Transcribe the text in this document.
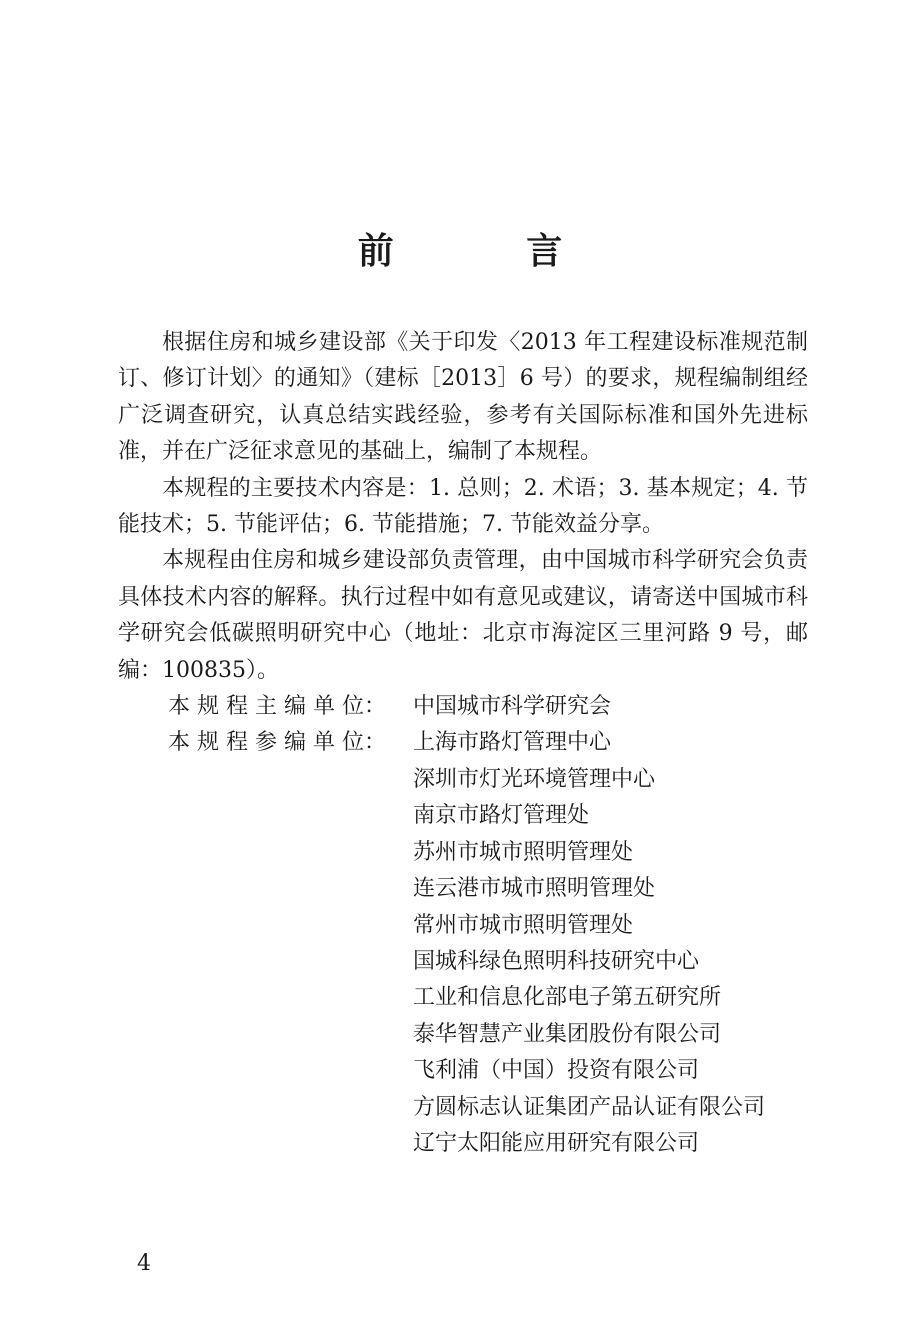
前 言

根据住房和城乡建设部《关于印发〈2013 年工程建设标准规范制订、修订计划〉的通知》（建标［2013］6 号）的要求，规程编制组经广泛调查研究，认真总结实践经验，参考有关国际标准和国外先进标准，并在广泛征求意见的基础上，编制了本规程。

本规程的主要技术内容是：1. 总则；2. 术语；3. 基本规定；4. 节能技术；5. 节能评估；6. 节能措施；7. 节能效益分享。

本规程由住房和城乡建设部负责管理，由中国城市科学研究会负责具体技术内容的解释。执行过程中如有意见或建议，请寄送中国城市科学研究会低碳照明研究中心（地址：北京市海淀区三里河路 9 号，邮编：100835）。

本 规 程 主 编 单 位：	中国城市科学研究会
本 规 程 参 编 单 位：	上海市路灯管理中心
深圳市灯光环境管理中心
南京市路灯管理处
苏州市城市照明管理处
连云港市城市照明管理处
常州市城市照明管理处
国城科绿色照明科技研究中心
工业和信息化部电子第五研究所
泰华智慧产业集团股份有限公司
飞利浦（中国）投资有限公司
方圆标志认证集团产品认证有限公司
辽宁太阳能应用研究有限公司
4
